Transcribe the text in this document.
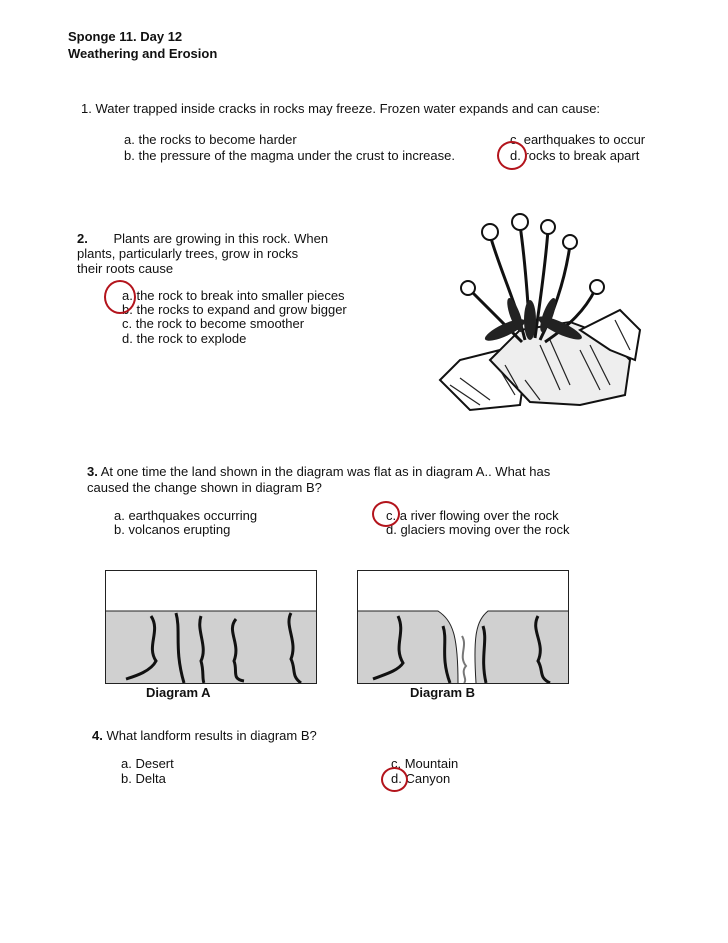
Sponge 11. Day 12
Weathering and Erosion
1. Water trapped inside cracks in rocks may freeze. Frozen water expands and can cause:
a. the rocks to become harder
b. the pressure of the magma under the crust to increase.
c. earthquakes to occur
d. rocks to break apart
2. Plants are growing in this rock. When
plants, particularly trees, grow in rocks
their roots cause
a. the rock to break into smaller pieces
b. the rocks to expand and grow bigger
c. the rock to become smoother
d. the rock to explode
3. At one time the land shown in the diagram was flat as in diagram A.. What has
caused the change shown in diagram B?
a. earthquakes occurring
b. volcanos erupting
c. a river flowing over the rock
d. glaciers moving over the rock
Diagram A	Diagram B
4. What landform results in diagram B?
a. Desert
b. Delta
c. Mountain
d. Canyon
